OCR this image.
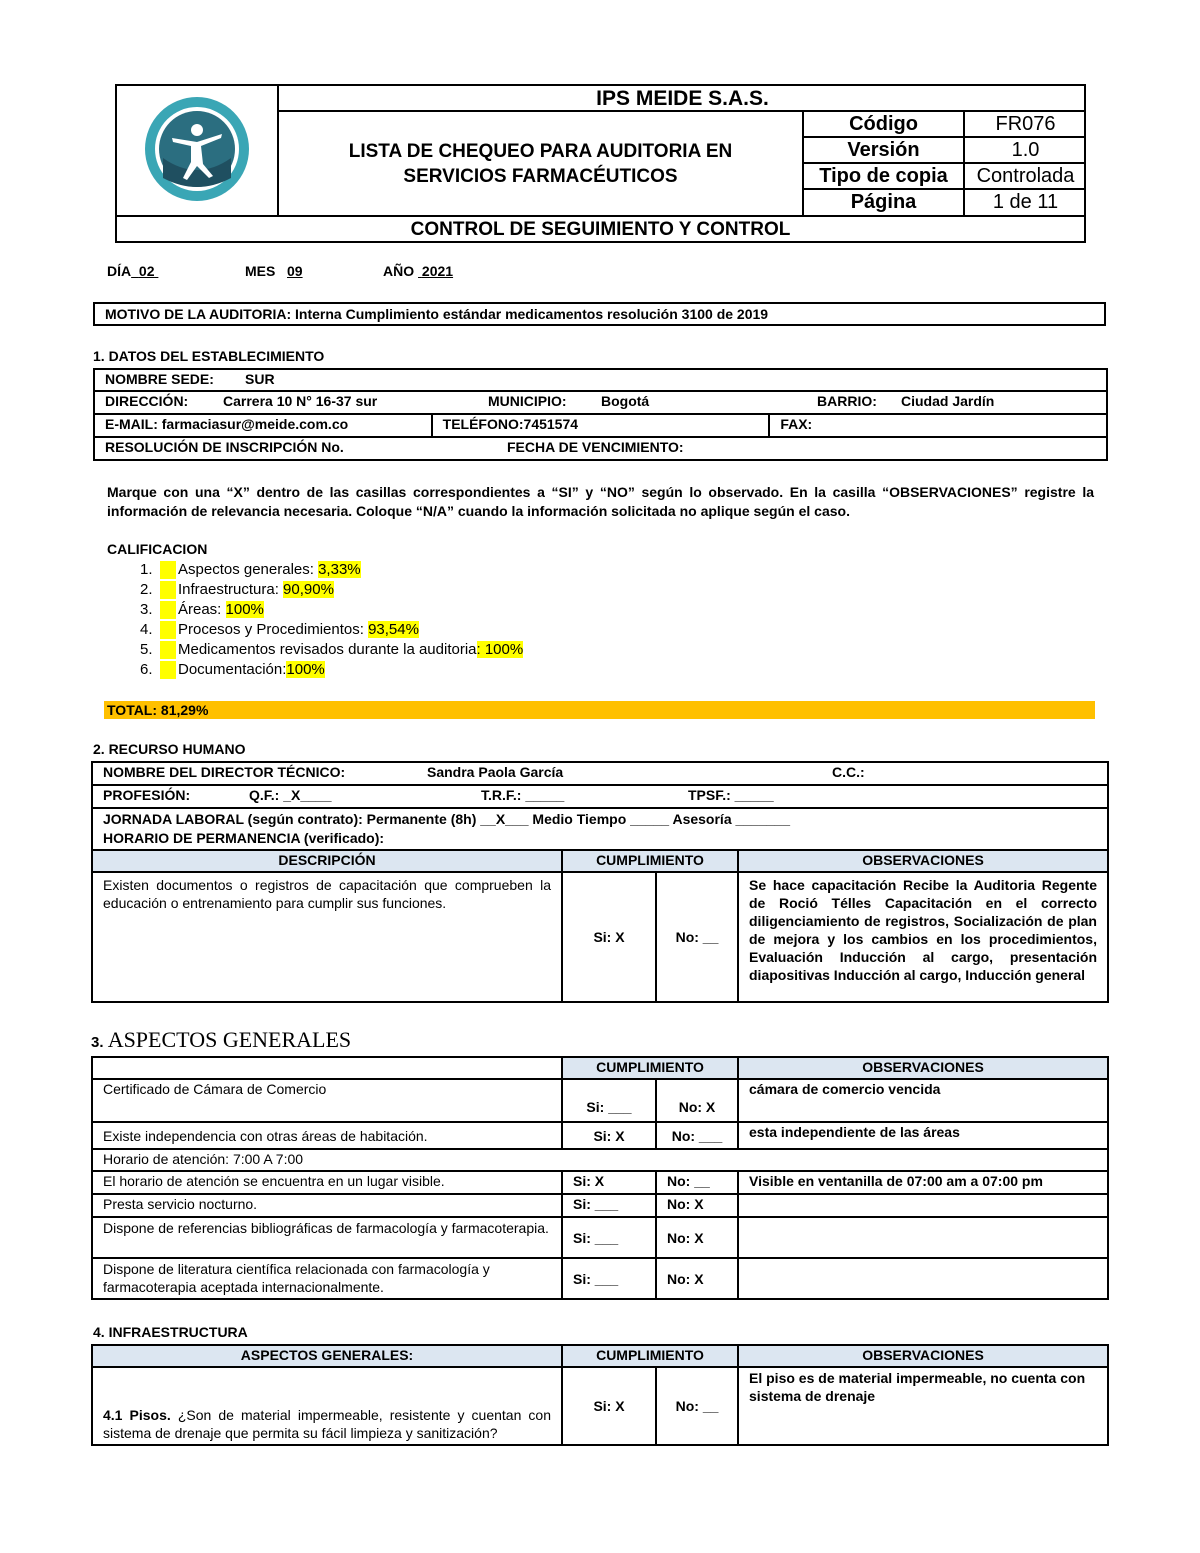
IPS MEIDE S.A.S.
LISTA DE CHEQUEO PARA AUDITORIA EN
SERVICIOS FARMACÉUTICOS
Código	FR076
Versión	1.0
Tipo de copia	Controlada
Página	1 de 11
CONTROL DE SEGUIMIENTO Y CONTROL
DÍA 02	MES 09	AÑO 2021
MOTIVO DE LA AUDITORIA: Interna Cumplimiento estándar medicamentos resolución 3100 de 2019
1. DATOS DEL ESTABLECIMIENTO
NOMBRE SEDE: SUR
DIRECCIÓN: Carrera 10 N° 16-37 sur	MUNICIPIO: Bogotá	BARRIO: Ciudad Jardín

E-MAIL: farmaciasur@meide.com.co	TELÉFONO:7451574	FAX:
RESOLUCIÓN DE INSCRIPCIÓN No.	FECHA DE VENCIMIENTO:
Marque con una “X” dentro de las casillas correspondientes a “SI” y “NO” según lo observado. En la casilla “OBSERVACIONES” registre la información de relevancia necesaria. Coloque “N/A” cuando la información solicitada no aplique según el caso.
CALIFICACION
1. Aspectos generales: 3,33%
2. Infraestructura: 90,90%
3. Áreas: 100%
4. Procesos y Procedimientos: 93,54%
5. Medicamentos revisados durante la auditoria: 100%
6. Documentación:100%
TOTAL: 81,29%
2. RECURSO HUMANO
NOMBRE DEL DIRECTOR TÉCNICO: Sandra Paola García C.C.:			

PROFESIÓN: Q.F.: _X____ T.R.F.: _____ TPSF.: _____			

JORNADA LABORAL (según contrato): Permanente (8h) __X___ Medio Tiempo _____ Asesoría _______
HORARIO DE PERMANENCIA (verificado):			

DESCRIPCIÓN	CUMPLIMIENTO		OBSERVACIONES
Existen documentos o registros de capacitación que comprueben la educación o entrenamiento para cumplir sus funciones.	Si: X	No: __	Se hace capacitación Recibe la Auditoria Regente de Roció Télles Capacitación en el correcto diligenciamiento de registros, Socialización de plan de mejora y los cambios en los procedimientos, Evaluación Inducción al cargo, presentación diapositivas Inducción al cargo, Inducción general
3. ASPECTOS GENERALES
	CUMPLIMIENTO		OBSERVACIONES
Certificado de Cámara de Comercio	Si: ___	No: X	cámara de comercio vencida
Existe independencia con otras áreas de habitación.	Si: X	No: ___	esta independiente de las áreas
Horario de atención: 7:00 A 7:00			
El horario de atención se encuentra en un lugar visible.	Si: X	No: __	Visible en ventanilla de 07:00 am a 07:00 pm
Presta servicio nocturno.	Si: ___	No: X	
Dispone de referencias bibliográficas de farmacología y farmacoterapia.	Si: ___	No: X	
Dispone de literatura científica relacionada con farmacología y farmacoterapia aceptada internacionalmente.	Si: ___	No: X	
4. INFRAESTRUCTURA
ASPECTOS GENERALES:	CUMPLIMIENTO		OBSERVACIONES
4.1 Pisos. ¿Son de material impermeable, resistente y cuentan con sistema de drenaje que permita su fácil limpieza y sanitización?	Si: X	No: __	El piso es de material impermeable, no cuenta con sistema de drenaje
